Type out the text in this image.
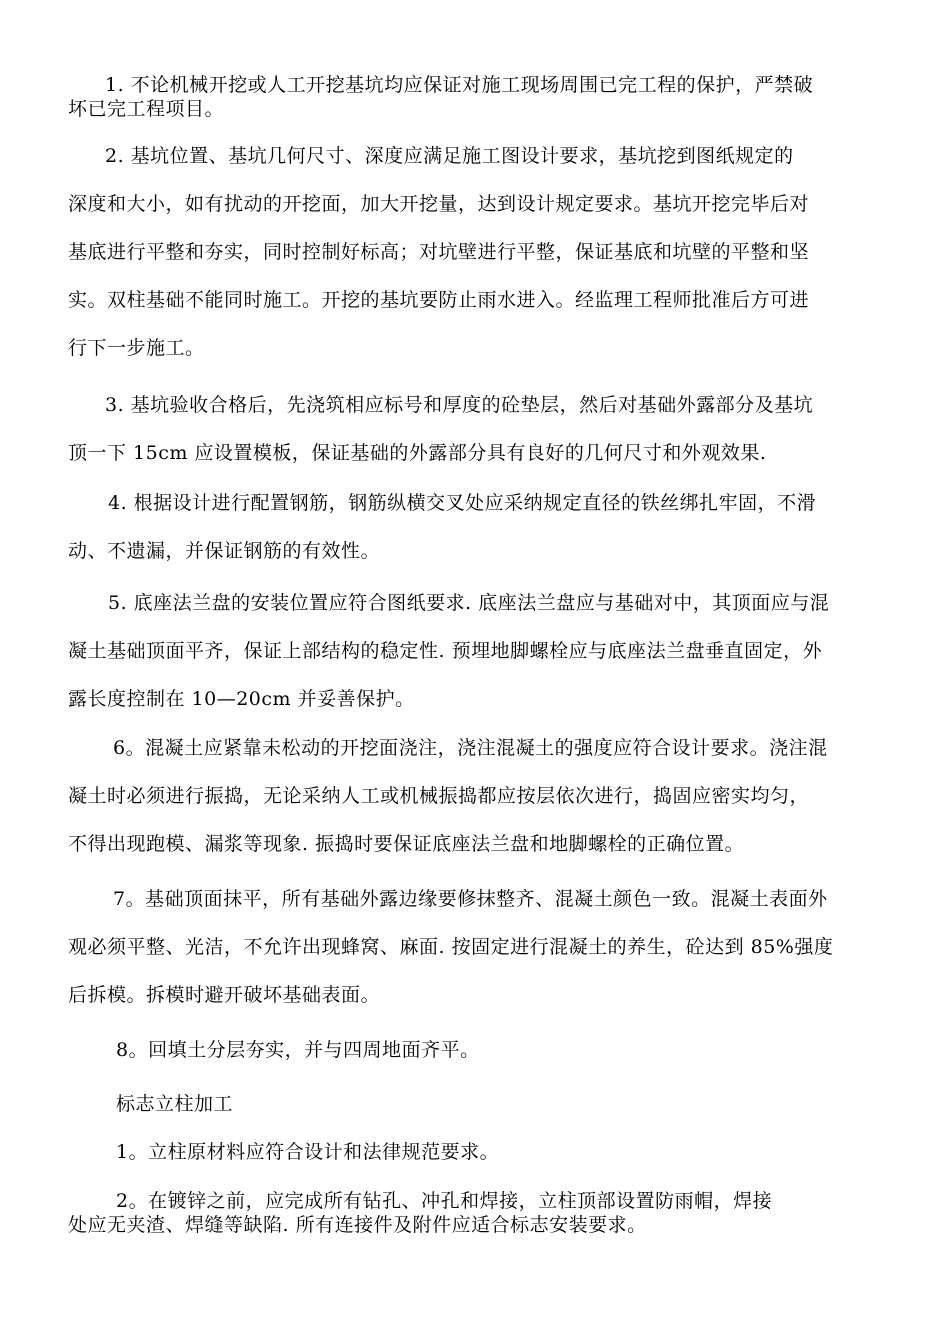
1. 不论机械开挖或人工开挖基坑均应保证对施工现场周围已完工程的保护，严禁破
坏已完工程项目。

2. 基坑位置、基坑几何尺寸、深度应满足施工图设计要求，基坑挖到图纸规定的
深度和大小，如有扰动的开挖面，加大开挖量，达到设计规定要求。基坑开挖完毕后对
基底进行平整和夯实，同时控制好标高；对坑壁进行平整，保证基底和坑壁的平整和坚
实。双柱基础不能同时施工。开挖的基坑要防止雨水进入。经监理工程师批准后方可进
行下一步施工。

3. 基坑验收合格后，先浇筑相应标号和厚度的砼垫层，然后对基础外露部分及基坑
顶一下 15cm 应设置模板，保证基础的外露部分具有良好的几何尺寸和外观效果.

4. 根据设计进行配置钢筋，钢筋纵横交叉处应采纳规定直径的铁丝绑扎牢固，不滑
动、不遗漏，并保证钢筋的有效性。

5. 底座法兰盘的安装位置应符合图纸要求. 底座法兰盘应与基础对中，其顶面应与混
凝土基础顶面平齐，保证上部结构的稳定性. 预埋地脚螺栓应与底座法兰盘垂直固定，外
露长度控制在 10—20cm 并妥善保护。

6。混凝土应紧靠未松动的开挖面浇注，浇注混凝土的强度应符合设计要求。浇注混
凝土时必须进行振捣，无论采纳人工或机械振捣都应按层依次进行，捣固应密实均匀，
不得出现跑模、漏浆等现象. 振捣时要保证底座法兰盘和地脚螺栓的正确位置。

7。基础顶面抹平，所有基础外露边缘要修抹整齐、混凝土颜色一致。混凝土表面外
观必须平整、光洁，不允许出现蜂窝、麻面. 按固定进行混凝土的养生，砼达到 85%强度
后拆模。拆模时避开破坏基础表面。

8。回填土分层夯实，并与四周地面齐平。

标志立柱加工

1。立柱原材料应符合设计和法律规范要求。

2。在镀锌之前，应完成所有钻孔、冲孔和焊接，立柱顶部设置防雨帽，焊接
处应无夹渣、焊缝等缺陷. 所有连接件及附件应适合标志安装要求。
